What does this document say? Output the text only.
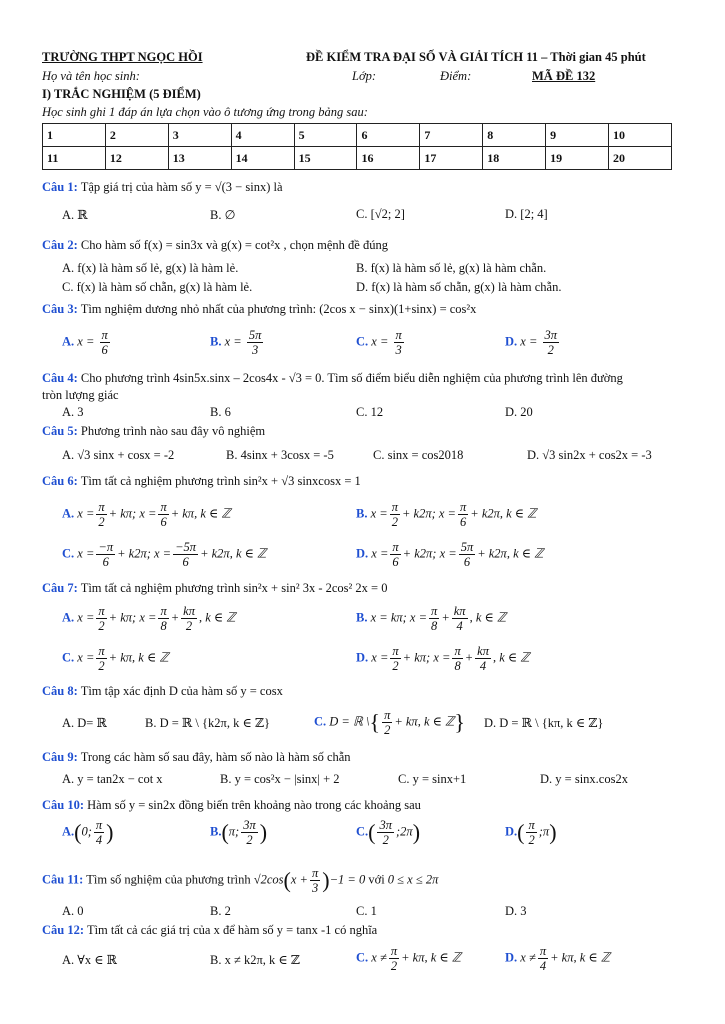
TRƯỜNG THPT NGỌC HỒI	ĐỀ KIỂM TRA ĐẠI SỐ VÀ GIẢI TÍCH 11 – Thời gian 45 phút
Họ và tên học sinh:	Lớp:	Điểm:	MÃ ĐỀ 132
I) TRẮC NGHIỆM (5 ĐIỂM)
Học sinh ghi 1 đáp án lựa chọn vào ô tương ứng trong bảng sau:
1	2	3	4	5	6	7	8	9	10
11	12	13	14	15	16	17	18	19	20
Câu 1: Tập giá trị của hàm số y = √(3 − sinx) là
A. ℝ	B. ∅	C. [√2; 2]	D. [2; 4]
Câu 2: Cho hàm số f(x) = sin3x và g(x) = cot²x , chọn mệnh đề đúng
A. f(x) là hàm số lẻ, g(x) là hàm lẻ.	B. f(x) là hàm số lẻ, g(x) là hàm chẵn.
C. f(x) là hàm số chẵn, g(x) là hàm lẻ.	D. f(x) là hàm số chẵn, g(x) là hàm chẵn.
Câu 3: Tìm nghiệm dương nhỏ nhất của phương trình: (2cos x − sinx)(1+sinx) = cos²x
A. $x = \frac{\pi}{6}$	B. $x = \frac{5\pi}{3}$	C. $x = \frac{\pi}{3}$	D. $x = \frac{3\pi}{2}$
Câu 4: Cho phương trình 4sin5x.sinx – 2cos4x - √3 = 0. Tìm số điểm biểu diễn nghiệm của phương trình lên đường
tròn lượng giác
A. 3	B. 6	C. 12	D. 20
Câu 5: Phương trình nào sau đây vô nghiệm
A. √3 sinx + cosx = -2	B. 4sinx + 3cosx = -5	C. sinx = cos2018	D. √3 sin2x + cos2x = -3
Câu 6: Tìm tất cả nghiệm phương trình sin²x + √3 sinxcosx = 1
A. $x = \frac{\pi}{2} + k\pi$; $x = \frac{\pi}{6} + k\pi$, k ∈ ℤ	B. $x = \frac{\pi}{2} + k2\pi$; $x = \frac{\pi}{6} + k2\pi$, k ∈ ℤ
C. $x = \frac{-\pi}{6} + k2\pi$; $x = \frac{-5\pi}{6} + k2\pi$, k ∈ ℤ	D. $x = \frac{\pi}{6} + k2\pi$; $x = \frac{5\pi}{6} + k2\pi$, k ∈ ℤ
Câu 7: Tìm tất cả nghiệm phương trình sin²x + sin² 3x - 2cos² 2x = 0
A. $x = \frac{\pi}{2} + k\pi$; $x = \frac{\pi}{8} + \frac{k\pi}{2}$ , k ∈ ℤ	B. x = kπ; $x = \frac{\pi}{8} + \frac{k\pi}{4}$ , k ∈ ℤ
C. $x = \frac{\pi}{2} + k\pi$, k ∈ ℤ	D. $x = \frac{\pi}{2} + k\pi$; $x = \frac{\pi}{8} + \frac{k\pi}{4}$ , k ∈ ℤ
Câu 8: Tìm tập xác định D của hàm số y = cosx
A. D= ℝ	B. D = ℝ \ {k2π, k ∈ ℤ}	C. D = ℝ \{ $\frac{\pi}{2} + k\pi$, k ∈ ℤ} D. D = ℝ \ {kπ, k ∈ ℤ}
Câu 9: Trong các hàm số sau đây, hàm số nào là hàm số chẵn
A. y = tan2x − cot x	B. y = cos²x − |sinx| + 2	C. y = sinx+1	D. y = sinx.cos2x
Câu 10: Hàm số y = sin2x đồng biến trên khoảng nào trong các khoảng sau
A.(0; $\frac{\pi}{4}$ )	B.(π; $\frac{3\pi}{2}$ )	$C.( \frac{3\pi}{2}$ ;2π)	$D.( \frac{\pi}{2}$ ;π)
Câu 11: Tìm số nghiệm của phương trình $√2\cos(x + \frac{\pi}{3} )-1 = 0$ với 0 ≤ x ≤ 2π
A. 0	B. 2	C. 1	D. 3
Câu 12: Tìm tất cả các giá trị của x để hàm số y = tanx -1 có nghĩa
A. ∀x ∈ ℝ	B. x ≠ k2π, k ∈ ℤ	C. $x \ne \frac{\pi}{2} + k\pi$, k ∈ ℤ	D. $x \ne \frac{\pi}{4} + k\pi$, k ∈ ℤ
